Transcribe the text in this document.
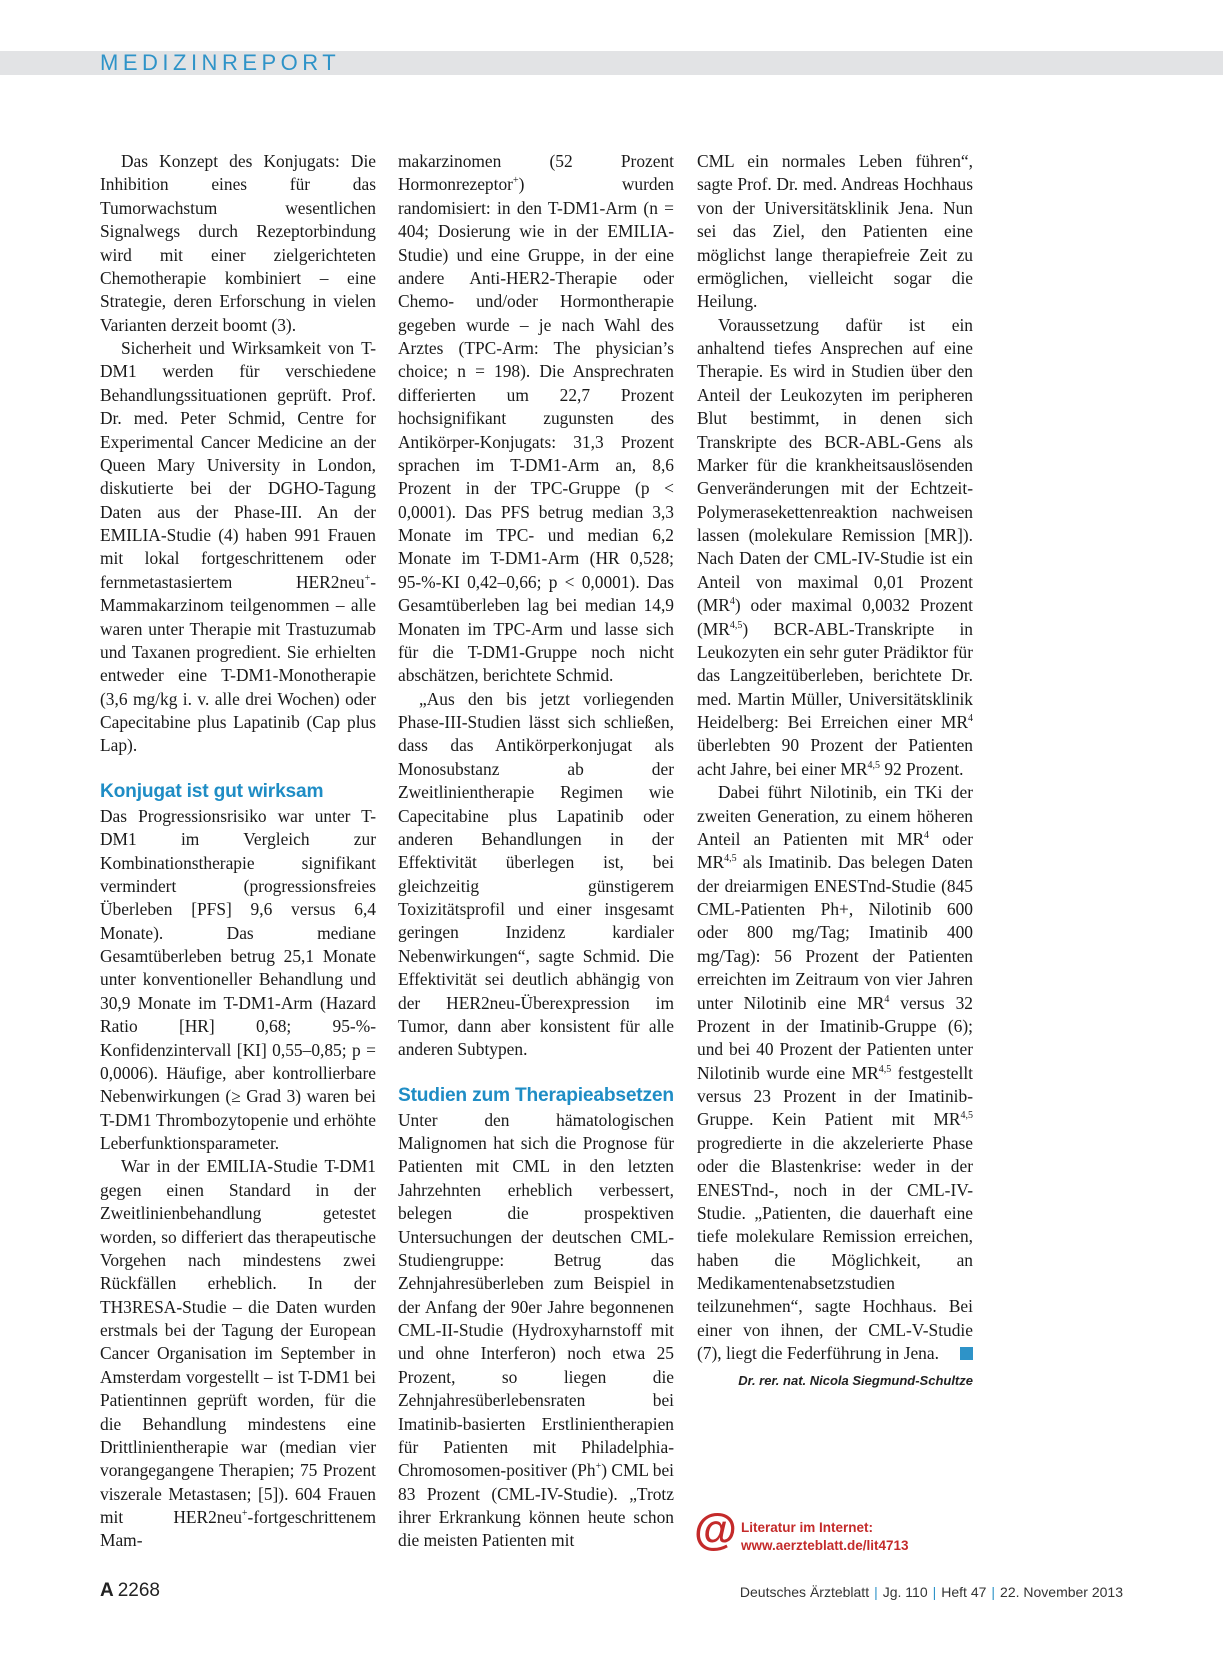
MEDIZINREPORT

Das Konzept des Konjugats: Die Inhibition eines für das Tumorwachstum wesentlichen Signalwegs durch Rezeptorbindung wird mit einer zielgerichteten Chemotherapie kombiniert – eine Strategie, deren Erforschung in vielen Varianten derzeit boomt (3).

Sicherheit und Wirksamkeit von T-DM1 werden für verschiedene Behandlungssituationen geprüft. Prof. Dr. med. Peter Schmid, Centre for Experimental Cancer Medicine an der Queen Mary University in London, diskutierte bei der DGHO-Tagung Daten aus der Phase-III. An der EMILIA-Studie (4) haben 991 Frauen mit lokal fortgeschrittenem oder fernmetastasiertem HER2neu+-Mammakarzinom teilgenommen – alle waren unter Therapie mit Trastuzumab und Taxanen progredient. Sie erhielten entweder eine T-DM1-Monotherapie (3,6 mg/kg i. v. alle drei Wochen) oder Capecitabine plus Lapatinib (Cap plus Lap).

Konjugat ist gut wirksam

Das Progressionsrisiko war unter T-DM1 im Vergleich zur Kombinationstherapie signifikant vermindert (progressionsfreies Überleben [PFS] 9,6 versus 6,4 Monate). Das mediane Gesamtüberleben betrug 25,1 Monate unter konventioneller Behandlung und 30,9 Monate im T-DM1-Arm (Hazard Ratio [HR] 0,68; 95-%-Konfidenzintervall [KI] 0,55–0,85; p = 0,0006). Häufige, aber kontrollierbare Nebenwirkungen (≥ Grad 3) waren bei T-DM1 Thrombozytopenie und erhöhte Leberfunktionsparameter.

War in der EMILIA-Studie T-DM1 gegen einen Standard in der Zweitlinienbehandlung getestet worden, so differiert das therapeutische Vorgehen nach mindestens zwei Rückfällen erheblich. In der TH3RESA-Studie – die Daten wurden erstmals bei der Tagung der European Cancer Organisation im September in Amsterdam vorgestellt – ist T-DM1 bei Patientinnen geprüft worden, für die die Behandlung mindestens eine Drittlinientherapie war (median vier vorangegangene Therapien; 75 Prozent viszerale Metastasen; [5]). 604 Frauen mit HER2neu+-fortgeschrittenem Mam-

makarzinomen (52 Prozent Hormonrezeptor+) wurden randomisiert: in den T-DM1-Arm (n = 404; Dosierung wie in der EMILIA-Studie) und eine Gruppe, in der eine andere Anti-HER2-Therapie oder Chemo- und/oder Hormontherapie gegeben wurde – je nach Wahl des Arztes (TPC-Arm: The physician’s choice; n = 198). Die Ansprechraten differierten um 22,7 Prozent hochsignifikant zugunsten des Antikörper-Konjugats: 31,3 Prozent sprachen im T-DM1-Arm an, 8,6 Prozent in der TPC-Gruppe (p < 0,0001). Das PFS betrug median 3,3 Monate im TPC- und median 6,2 Monate im T-DM1-Arm (HR 0,528; 95-%-KI 0,42–0,66; p < 0,0001). Das Gesamtüberleben lag bei median 14,9 Monaten im TPC-Arm und lasse sich für die T-DM1-Gruppe noch nicht abschätzen, berichtete Schmid.

„Aus den bis jetzt vorliegenden Phase-III-Studien lässt sich schließen, dass das Antikörperkonjugat als Monosubstanz ab der Zweitlinientherapie Regimen wie Capecitabine plus Lapatinib oder anderen Behandlungen in der Effektivität überlegen ist, bei gleichzeitig günstigerem Toxizitätsprofil und einer insgesamt geringen Inzidenz kardialer Nebenwirkungen“, sagte Schmid. Die Effektivität sei deutlich abhängig von der HER2neu-Überexpression im Tumor, dann aber konsistent für alle anderen Subtypen.

Studien zum Therapieabsetzen

Unter den hämatologischen Malignomen hat sich die Prognose für Patienten mit CML in den letzten Jahrzehnten erheblich verbessert, belegen die prospektiven Untersuchungen der deutschen CML-Studiengruppe: Betrug das Zehnjahresüberleben zum Beispiel in der Anfang der 90er Jahre begonnenen CML-II-Studie (Hydroxyharnstoff mit und ohne Interferon) noch etwa 25 Prozent, so liegen die Zehnjahresüberlebensraten bei Imatinib-basierten Erstlinientherapien für Patienten mit Philadelphia-Chromosomen-positiver (Ph+) CML bei 83 Prozent (CML-IV-Studie). „Trotz ihrer Erkrankung können heute schon die meisten Patienten mit

CML ein normales Leben führen“, sagte Prof. Dr. med. Andreas Hochhaus von der Universitätsklinik Jena. Nun sei das Ziel, den Patienten eine möglichst lange therapiefreie Zeit zu ermöglichen, vielleicht sogar die Heilung.

Voraussetzung dafür ist ein anhaltend tiefes Ansprechen auf eine Therapie. Es wird in Studien über den Anteil der Leukozyten im peripheren Blut bestimmt, in denen sich Transkripte des BCR-ABL-Gens als Marker für die krankheitsauslösenden Genveränderungen mit der Echtzeit-Polymerasekettenreaktion nachweisen lassen (molekulare Remission [MR]). Nach Daten der CML-IV-Studie ist ein Anteil von maximal 0,01 Prozent $(MR^4)$ oder maximal 0,0032 Prozent (MR$^{4,5}$) BCR-ABL-Transkripte in Leukozyten ein sehr guter Prädiktor für das Langzeitüberleben, berichtete Dr. med. Martin Müller, Universitätsklinik Heidelberg: Bei Erreichen einer $MR^4$ überlebten 90 Prozent der Patienten acht Jahre, bei einer MR$^{4,5}$ 92 Prozent.

Dabei führt Nilotinib, ein TKi der zweiten Generation, zu einem höheren Anteil an Patienten mit $MR^4$ oder MR$^{4,5}$ als Imatinib. Das belegen Daten der dreiarmigen ENESTnd-Studie (845 CML-Patienten Ph+, Nilotinib 600 oder 800 mg/Tag; Imatinib 400 mg/Tag): 56 Prozent der Patienten erreichten im Zeitraum von vier Jahren unter Nilotinib eine $MR^4$ versus 32 Prozent in der Imatinib-Gruppe (6); und bei 40 Prozent der Patienten unter Nilotinib wurde eine MR$^{4,5}$ festgestellt versus 23 Prozent in der Imatinib-Gruppe. Kein Patient mit MR$^{4,5}$ progredierte in die akzelerierte Phase oder die Blastenkrise: weder in der ENESTnd-, noch in der CML-IV-Studie. „Patienten, die dauerhaft eine tiefe molekulare Remission erreichen, haben die Möglichkeit, an Medikamentenabsetzstudien teilzunehmen“, sagte Hochhaus. Bei einer von ihnen, der CML-V-Studie (7), liegt die Federführung in Jena.

Dr. rer. nat. Nicola Siegmund-Schultze
@ Literatur im Internet:
www.aerzteblatt.de/lit4713
A 2268	Deutsches Ärzteblatt | Jg. 110 | Heft 47 | 22. November 2013
